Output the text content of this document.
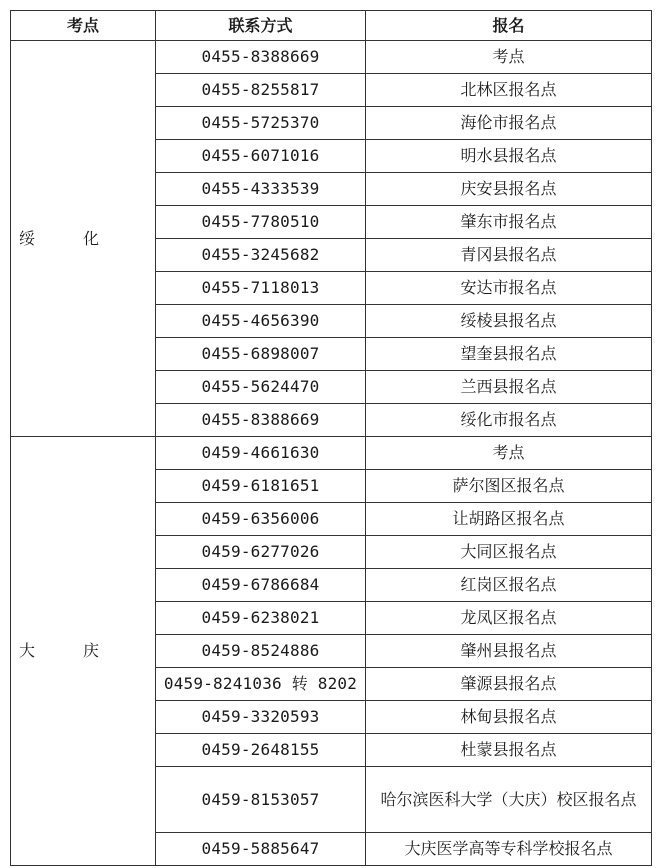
考点	联系方式	报名
绥化	0455-8388669	考点
	0455-8255817	北林区报名点
	0455-5725370	海伦市报名点
	0455-6071016	明水县报名点
	0455-4333539	庆安县报名点
	0455-7780510	肇东市报名点
	0455-3245682	青冈县报名点
	0455-7118013	安达市报名点
	0455-4656390	绥棱县报名点
	0455-6898007	望奎县报名点
	0455-5624470	兰西县报名点
	0455-8388669	绥化市报名点
大庆	0459-4661630	考点
	0459-6181651	萨尔图区报名点
	0459-6356006	让胡路区报名点
	0459-6277026	大同区报名点
	0459-6786684	红岗区报名点
	0459-6238021	龙凤区报名点
	0459-8524886	肇州县报名点
	0459-8241036 转 8202	肇源县报名点
	0459-3320593	林甸县报名点
	0459-2648155	杜蒙县报名点
	0459-8153057	哈尔滨医科大学（大庆）校区报名点
	0459-5885647	大庆医学高等专科学校报名点
